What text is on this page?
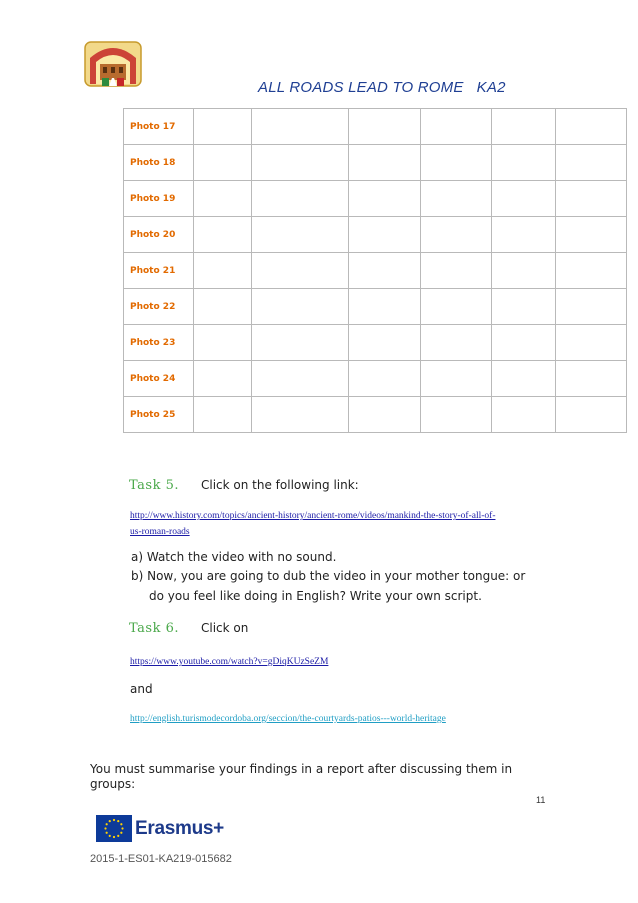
ALL ROADS LEAD TO ROME   KA2
Photo 17						
Photo 18						
Photo 19						
Photo 20						
Photo 21						
Photo 22						
Photo 23						
Photo 24						
Photo 25						
Task 5. Click on the following link:
http://www.history.com/topics/ancient-history/ancient-rome/videos/mankind-the-story-of-all-of-
us-roman-roads
a) Watch the video with no sound.
b) Now, you are going to dub the video in your mother tongue: or
do you feel like doing in English? Write your own script.
Task 6. Click on
https://www.youtube.com/watch?v=gDiqKUzSeZM
and
http://english.turismodecordoba.org/seccion/the-courtyards-patios---world-heritage
You must summarise your findings in a report after discussing them in
groups:
11
Erasmus+
2015-1-ES01-KA219-015682
